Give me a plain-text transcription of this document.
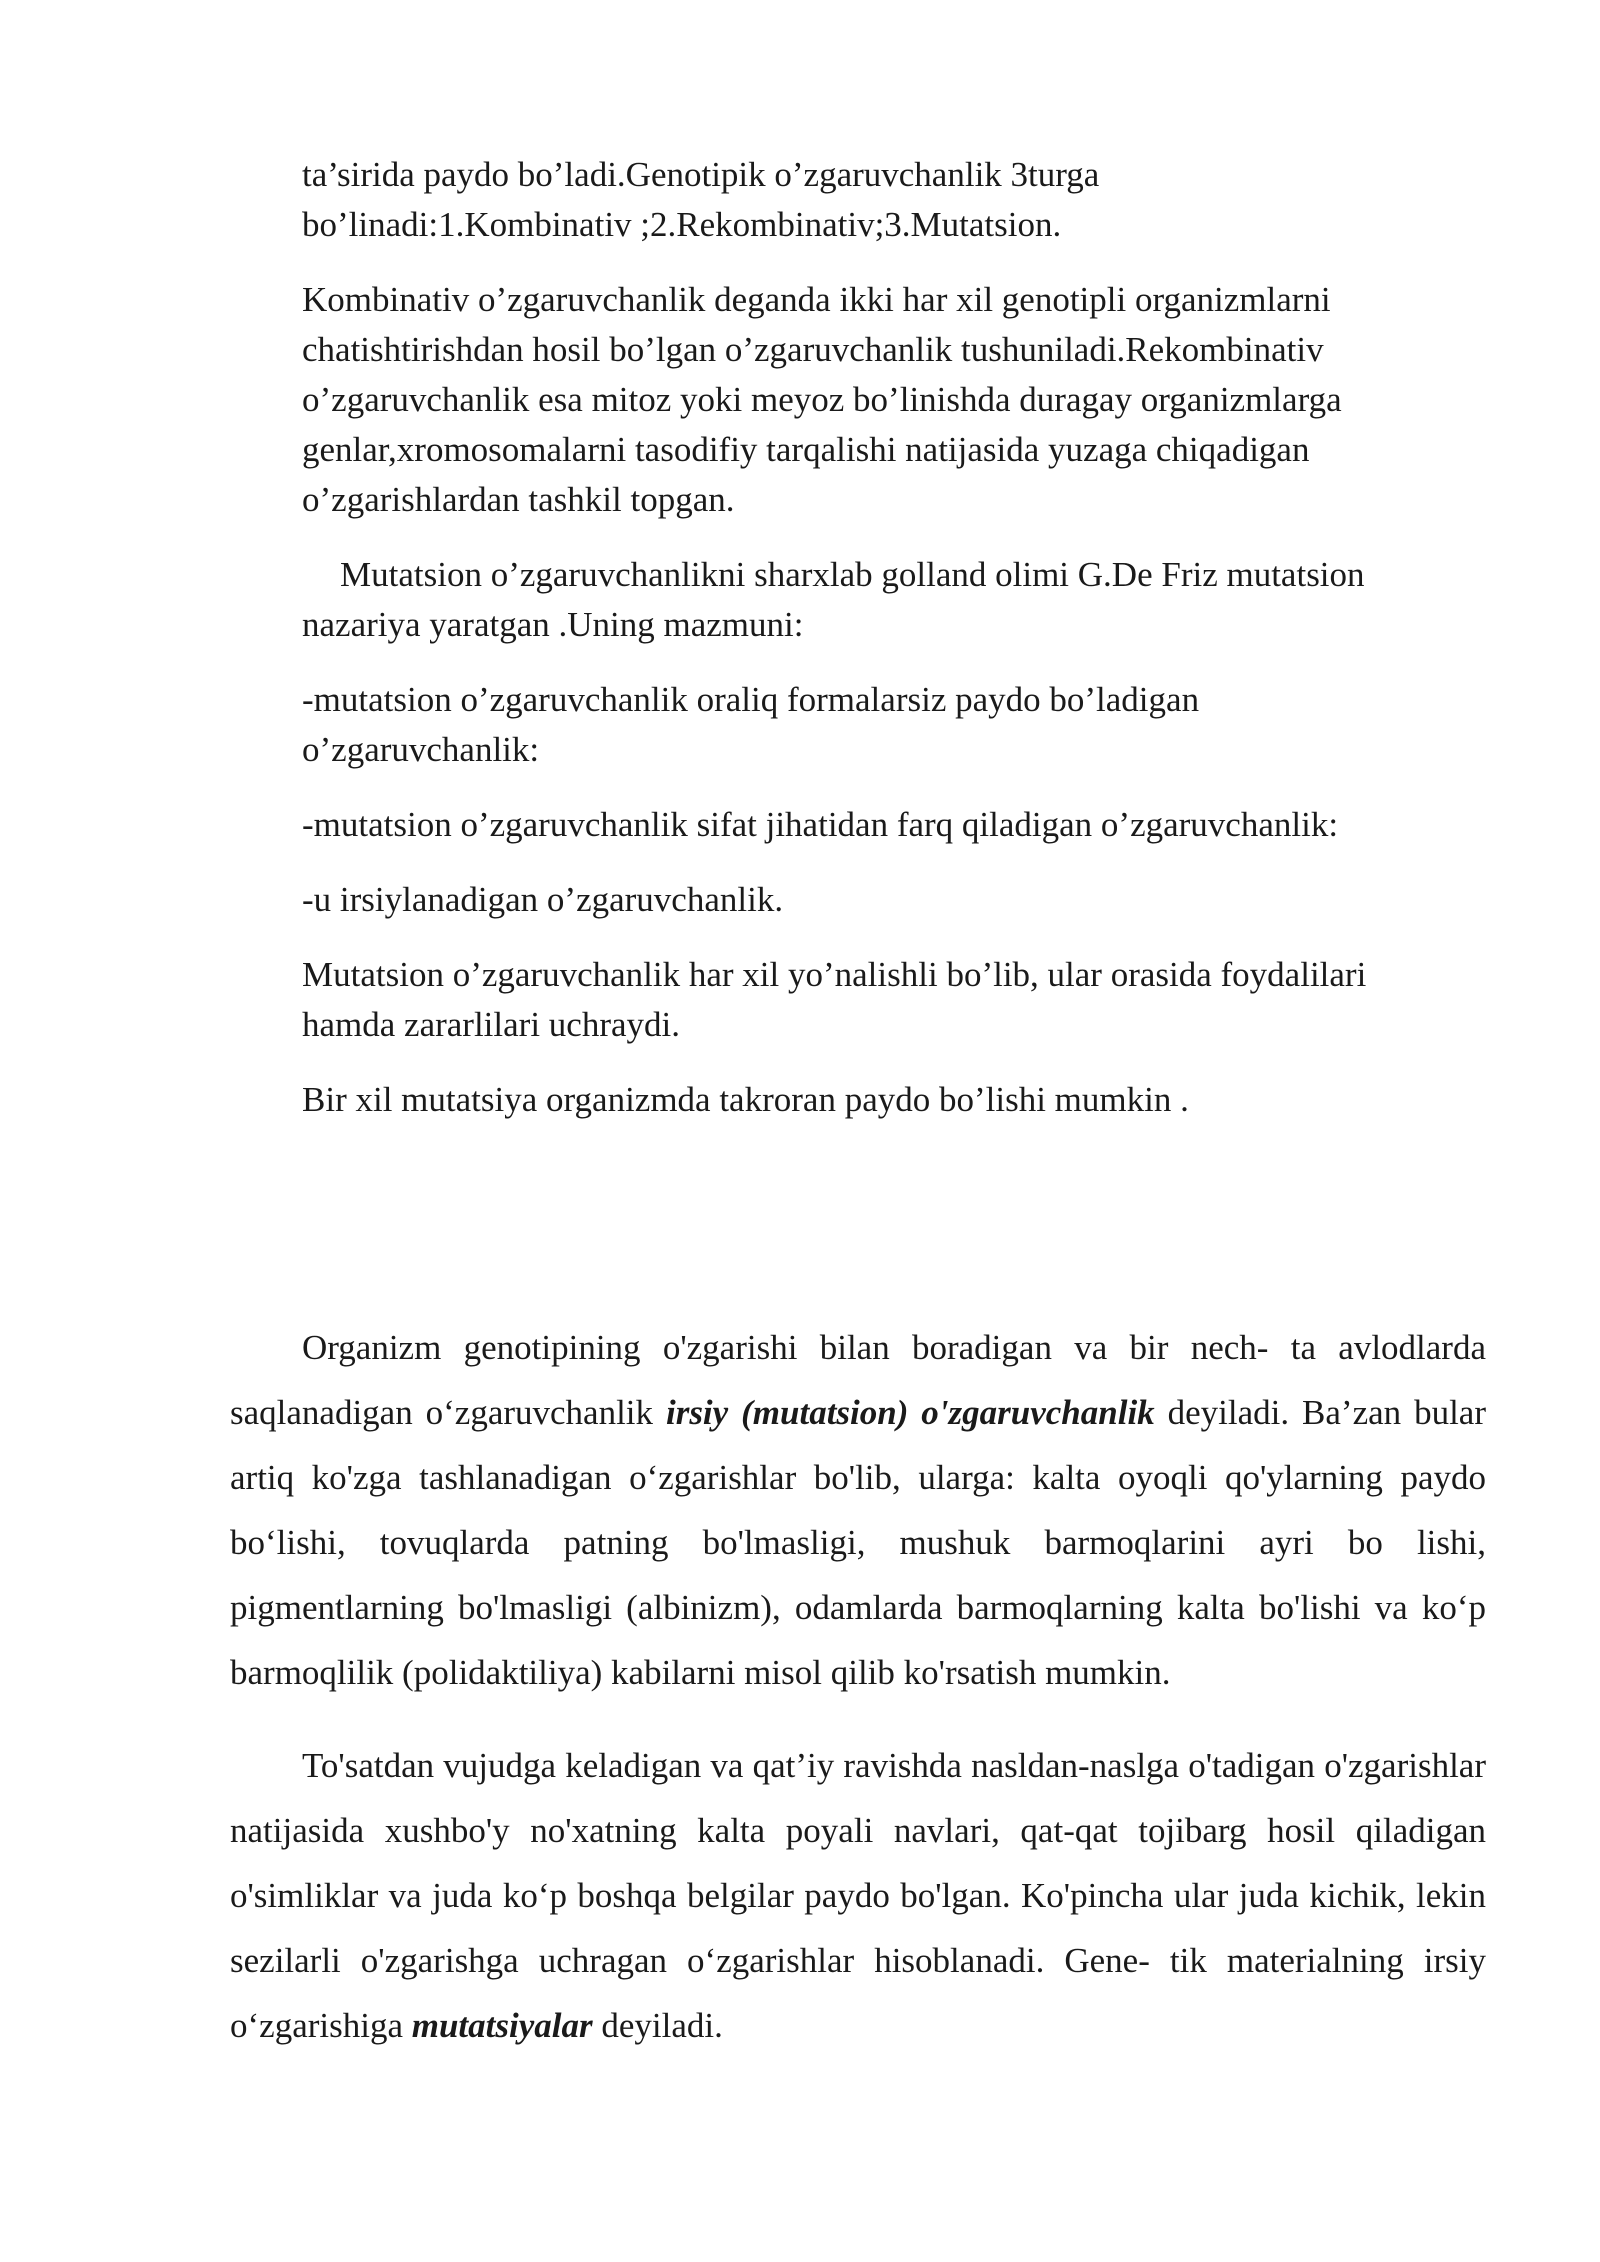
ta’sirida paydo bo’ladi.Genotipik o’zgaruvchanlik 3turga
bo’linadi:1.Kombinativ ;2.Rekombinativ;3.Mutatsion.

Kombinativ o’zgaruvchanlik deganda ikki har xil genotipli organizmlarni
chatishtirishdan hosil bo’lgan o’zgaruvchanlik tushuniladi.Rekombinativ
o’zgaruvchanlik esa mitoz yoki meyoz bo’linishda duragay organizmlarga
genlar,xromosomalarni tasodifiy tarqalishi natijasida yuzaga chiqadigan
o’zgarishlardan tashkil topgan.

Mutatsion o’zgaruvchanlikni sharxlab golland olimi G.De Friz mutatsion
nazariya yaratgan .Uning mazmuni:

-mutatsion o’zgaruvchanlik oraliq formalarsiz paydo bo’ladigan
o’zgaruvchanlik:

-mutatsion o’zgaruvchanlik sifat jihatidan farq qiladigan o’zgaruvchanlik:

-u irsiylanadigan o’zgaruvchanlik.

Mutatsion o’zgaruvchanlik har xil yo’nalishli bo’lib, ular orasida foydalilari
hamda zararlilari uchraydi.

Bir xil mutatsiya organizmda takroran paydo bo’lishi mumkin .

Organizm genotipining o'zgarishi bilan boradigan va bir nech- ta avlodlarda saqlanadigan o‘zgaruvchanlik irsiy (mutatsion) o'zgaruvchanlik deyiladi. Ba’zan bular artiq ko'zga tashlanadigan o‘zgarishlar bo'lib, ularga: kalta oyoqli qo'ylarning paydo bo‘lishi, tovuqlarda patning bo'lmasligi, mushuk barmoqlarini ayri bo lishi, pigmentlarning bo'lmasligi (albinizm), odamlarda barmoqlarning kalta bo'lishi va ko‘p barmoqlilik (polidaktiliya) kabilarni misol qilib ko'rsatish mumkin.

To'satdan vujudga keladigan va qat’iy ravishda nasldan-naslga o'tadigan o'zgarishlar natijasida xushbo'y no'xatning kalta poyali navlari, qat-qat tojibarg hosil qiladigan o'simliklar va juda ko‘p boshqa belgilar paydo bo'lgan. Ko'pincha ular juda kichik, lekin sezilarli o'zgarishga uchragan o‘zgarishlar hisoblanadi. Gene- tik materialning irsiy o‘zgarishiga mutatsiyalar deyiladi.
